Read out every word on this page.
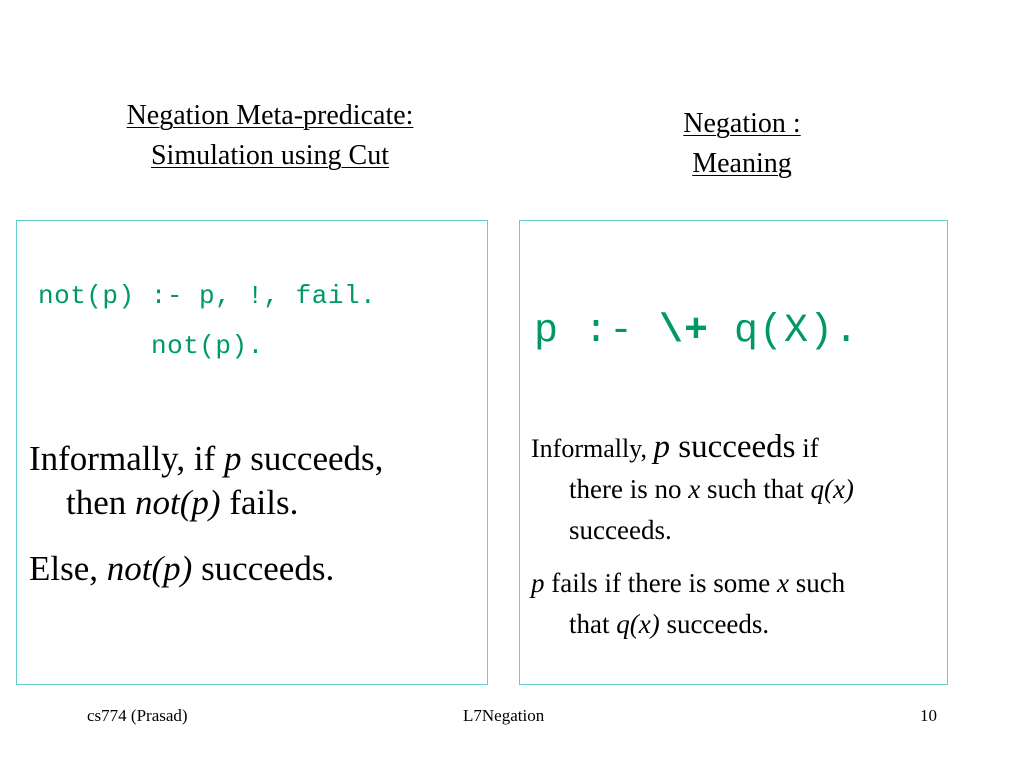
Negation Meta-predicate:
Simulation using Cut
Negation :
Meaning
not(p) :- p, !, fail.
not(p).
Informally, if p succeeds,
then not(p) fails.
Else, not(p) succeeds.
p :- \+ q(X).
Informally, p succeeds if
there is no x such that q(x)
succeeds.
p fails if there is some x such
that q(x) succeeds.
cs774 (Prasad)	L7Negation	10
